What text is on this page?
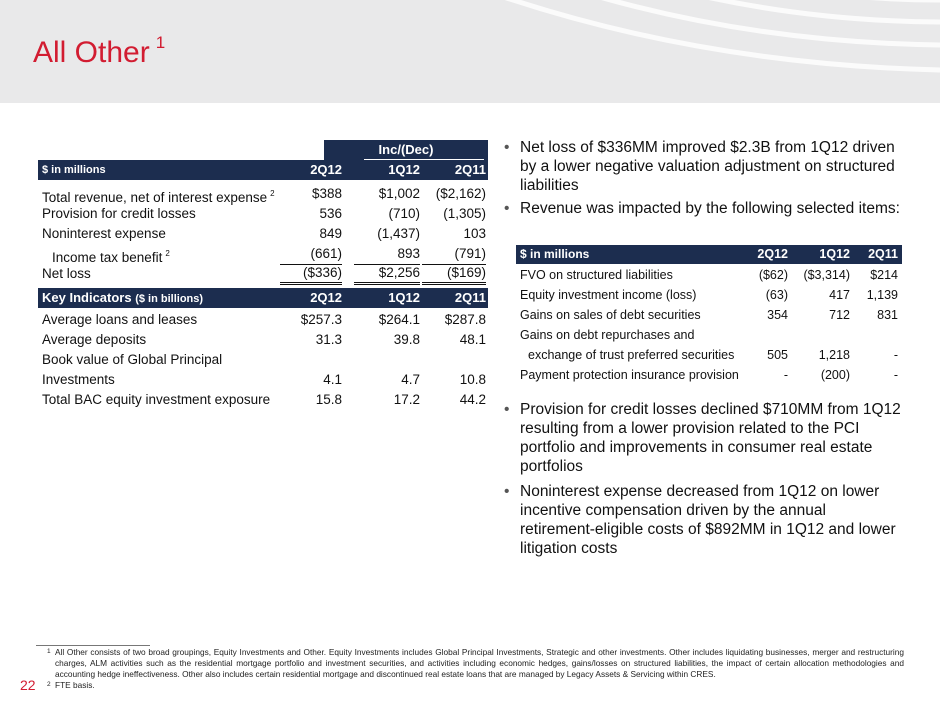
All Other $^1$
Inc/(Dec)
$ in millions	2Q12	1Q12	2Q11
Total revenue, net of interest expense $^2$	$388	$1,002 ($2,162)
Provision for credit losses	536	(710) (1,305)
Noninterest expense	849	(1,437)	103
Income tax benefit $^2$	(661)	893	(791)
Net loss	($336)	$2,256	($169)
Key Indicators ($ in billions)	2Q12	1Q12	2Q11
Average loans and leases	$257.3	$264.1 $287.8
Average deposits	31.3	39.8	48.1
Book value of Global Principal
Investments	4.1	4.7	10.8
Total BAC equity investment exposure	15.8	17.2	44.2
• Net loss of $336MM improved $2.3B from 1Q12 driven by a lower negative valuation adjustment on structured liabilities
• Revenue was impacted by the following selected items:
$ in millions	2Q12	1Q12 2Q11
FVO on structured liabilities	($62) ($3,314) $214
Equity investment income (loss)	(63)	417 1,139
Gains on sales of debt securities	354	712 831
Gains on debt repurchases and
exchange of trust preferred securities	505 1,218	-
Payment protection insurance provision	-	(200)	-
• Provision for credit losses declined $710MM from 1Q12 resulting from a lower provision related to the PCI portfolio and improvements in consumer real estate portfolios
• Noninterest expense decreased from 1Q12 on lower incentive compensation driven by the annual retirement-eligible costs of $892MM in 1Q12 and lower litigation costs
1 All Other consists of two broad groupings, Equity Investments and Other. Equity Investments includes Global Principal Investments, Strategic and other investments. Other includes liquidating businesses, merger and restructuring charges, ALM activities such as the residential mortgage portfolio and investment securities, and activities including economic hedges, gains/losses on structured liabilities, the impact of certain allocation methodologies and accounting hedge ineffectiveness. Other also includes certain residential mortgage and discontinued real estate loans that are managed by Legacy Assets & Servicing within CRES.
2 FTE basis.
22
